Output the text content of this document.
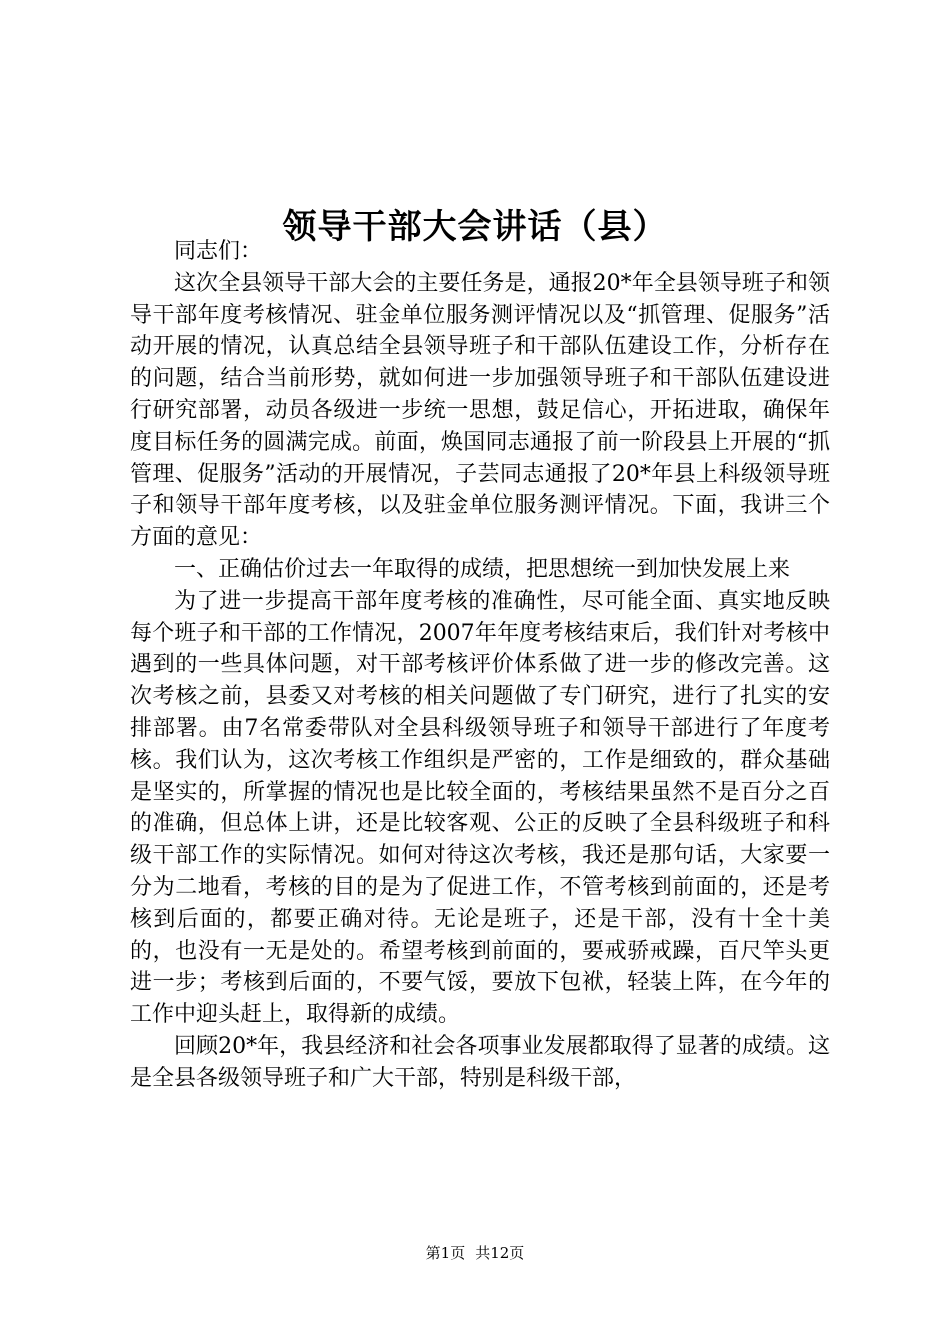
领导干部大会讲话（县）

同志们：

这次全县领导干部大会的主要任务是，通报20*年全县领导班子和领导干部年度考核情况、驻金单位服务测评情况以及“抓管理、促服务”活动开展的情况，认真总结全县领导班子和干部队伍建设工作，分析存在的问题，结合当前形势，就如何进一步加强领导班子和干部队伍建设进行研究部署，动员各级进一步统一思想，鼓足信心，开拓进取，确保年度目标任务的圆满完成。前面，焕国同志通报了前一阶段县上开展的“抓管理、促服务”活动的开展情况，子芸同志通报了20*年县上科级领导班子和领导干部年度考核，以及驻金单位服务测评情况。下面，我讲三个方面的意见：

一、正确估价过去一年取得的成绩，把思想统一到加快发展上来

为了进一步提高干部年度考核的准确性，尽可能全面、真实地反映每个班子和干部的工作情况，2007年年度考核结束后，我们针对考核中遇到的一些具体问题，对干部考核评价体系做了进一步的修改完善。这次考核之前，县委又对考核的相关问题做了专门研究，进行了扎实的安排部署。由7名常委带队对全县科级领导班子和领导干部进行了年度考核。我们认为，这次考核工作组织是严密的，工作是细致的，群众基础是坚实的，所掌握的情况也是比较全面的，考核结果虽然不是百分之百的准确，但总体上讲，还是比较客观、公正的反映了全县科级班子和科级干部工作的实际情况。如何对待这次考核，我还是那句话，大家要一分为二地看，考核的目的是为了促进工作，不管考核到前面的，还是考核到后面的，都要正确对待。无论是班子，还是干部，没有十全十美的，也没有一无是处的。希望考核到前面的，要戒骄戒躁，百尺竿头更进一步；考核到后面的，不要气馁，要放下包袱，轻装上阵，在今年的工作中迎头赶上，取得新的成绩。

回顾20*年，我县经济和社会各项事业发展都取得了显著的成绩。这是全县各级领导班子和广大干部，特别是科级干部，

第1页 共12页
